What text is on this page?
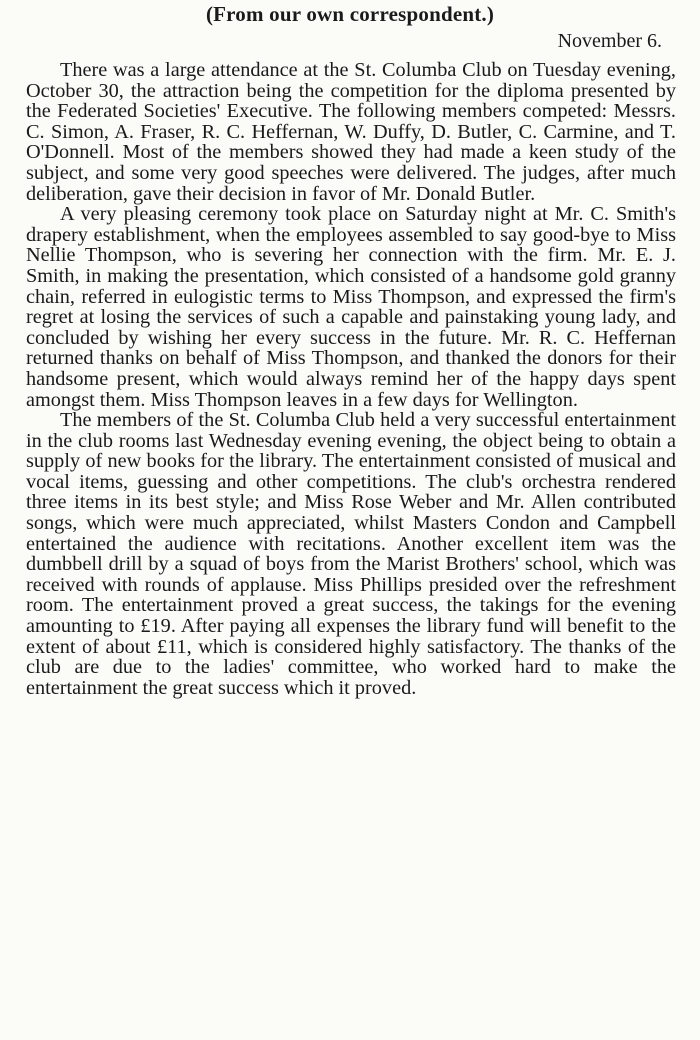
(From our own correspondent.)
November 6.

There was a large attendance at the St. Columba Club on Tuesday evening, October 30, the attraction being the competition for the diploma presented by the Federated Societies' Executive. The following members competed: Messrs. C. Simon, A. Fraser, R. C. Heffernan, W. Duffy, D. Butler, C. Carmine, and T. O'Donnell. Most of the members showed they had made a keen study of the subject, and some very good speeches were delivered. The judges, after much deliberation, gave their decision in favor of Mr. Donald Butler.

A very pleasing ceremony took place on Saturday night at Mr. C. Smith's drapery establishment, when the employees assembled to say good-bye to Miss Nellie Thompson, who is severing her connection with the firm. Mr. E. J. Smith, in making the presentation, which consisted of a handsome gold granny chain, referred in eulogistic terms to Miss Thompson, and expressed the firm's regret at losing the services of such a capable and painstaking young lady, and concluded by wishing her every success in the future. Mr. R. C. Heffernan returned thanks on behalf of Miss Thompson, and thanked the donors for their handsome present, which would always remind her of the happy days spent amongst them. Miss Thompson leaves in a few days for Wellington.

The members of the St. Columba Club held a very successful entertainment in the club rooms last Wednesday evening evening, the object being to obtain a supply of new books for the library. The entertainment consisted of musical and vocal items, guessing and other competitions. The club's orchestra rendered three items in its best style; and Miss Rose Weber and Mr. Allen contributed songs, which were much appreciated, whilst Masters Condon and Campbell entertained the audience with recitations. Another excellent item was the dumbbell drill by a squad of boys from the Marist Brothers' school, which was received with rounds of applause. Miss Phillips presided over the refreshment room. The entertainment proved a great success, the takings for the evening amounting to £19. After paying all expenses the library fund will benefit to the extent of about £11, which is considered highly satisfactory. The thanks of the club are due to the ladies' committee, who worked hard to make the entertainment the great success which it proved.
